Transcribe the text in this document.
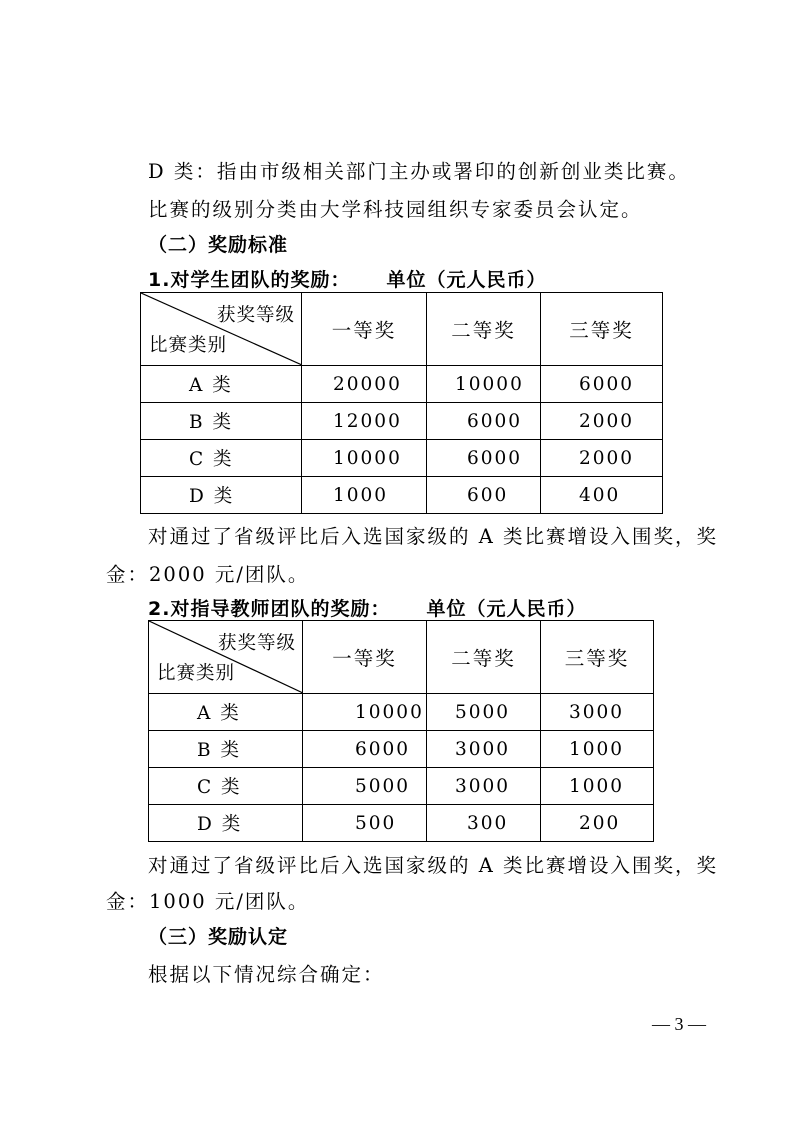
D 类：指由市级相关部门主办或署印的创新创业类比赛。
比赛的级别分类由大学科技园组织专家委员会认定。
（二）奖励标准
1.对学生团队的奖励： 单位（元人民币）
获奖等级
比赛类别	一等奖	二等奖	三等奖
A 类	20000	10000	6000
B 类	12000	6000	2000
C 类	10000	6000	2000
D 类	1000	600	400
对通过了省级评比后入选国家级的 A 类比赛增设入围奖，奖
金：2000 元/团队。
2.对指导教师团队的奖励： 单位（元人民币）
获奖等级
比赛类别	一等奖	二等奖	三等奖
A 类	10000	5000	3000
B 类	6000	3000	1000
C 类	5000	3000	1000
D 类	500	300	200
对通过了省级评比后入选国家级的 A 类比赛增设入围奖，奖
金：1000 元/团队。
（三）奖励认定
根据以下情况综合确定：
— 3 —
